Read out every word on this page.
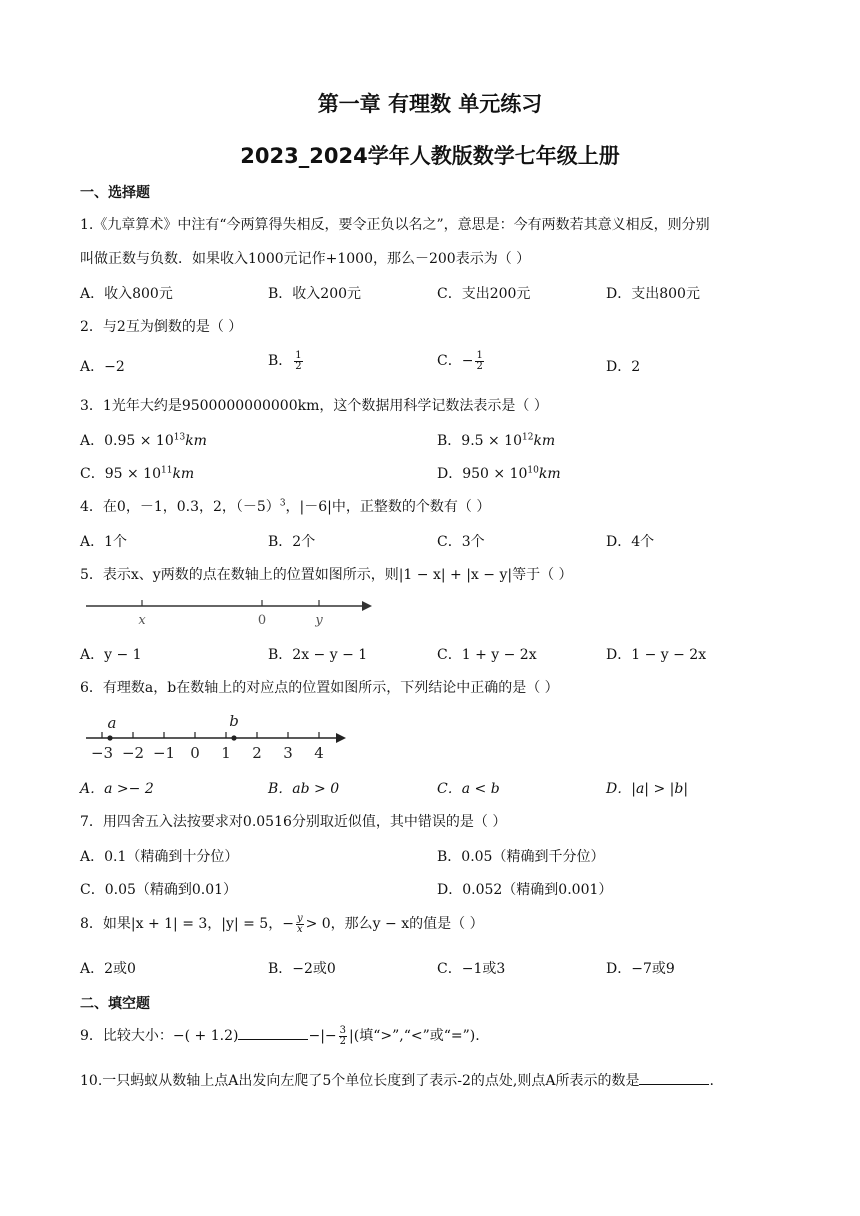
第一章 有理数 单元练习
2023_2024学年人教版数学七年级上册
一、选择题
1.《九章算术》中注有“今两算得失相反，要令正负以名之”，意思是：今有两数若其意义相反，则分别
叫做正数与负数．如果收入1000元记作+1000，那么－200表示为（ ）
A．收入800元	B．收入200元	C．支出200元	D．支出800元
2．与2互为倒数的是（ ）
A．−2	B． $\frac{1}{2}$	C．− $\frac{1}{2}$	D．2
3．1光年大约是9500000000000km，这个数据用科学记数法表示是（ ）
A．$0.95 \times 10^{13}km$	B．$9.5 \times 10^{12}km$
C．$95 \times 10^{11}km$	D．$950 \times 10^{10}km$
4．在0，－1，0.3，2，$(-5)^3$，|－6|中，正整数的个数有（ ）
A．1个	B．2个	C．3个	D．4个
5．表示x、y两数的点在数轴上的位置如图所示，则|1 − x| + |x − y|等于（ ）
x	0	y
A．y − 1	B．2x − y − 1	C．1 + y − 2x	D．1 − y − 2x
6．有理数a，b在数轴上的对应点的位置如图所示，下列结论中正确的是（ ）
−3 −2 −1 0 1 2 3 4
a	b
A．a >− 2	B．ab > 0	C．a < b	D．|a| > |b|
7．用四舍五入法按要求对0.0516分别取近似值，其中错误的是（ ）
A．0.1（精确到十分位）	B．0.05（精确到千分位）
C．0.05（精确到0.01）	D．0.052（精确到0.001）
8．如果|x + 1| = 3，|y| = 5，− $\frac{y}{x} > 0$，那么y − x的值是（ ）
A．2或0	B．−2或0	C．−1或3	D．−7或9
二、填空题
9．比较大小：−( + 1.2)	−|− $\frac{3}{2}$ |(填“>”,“<”或“=”).
10.一只蚂蚁从数轴上点A出发向左爬了5个单位长度到了表示-2的点处,则点A所表示的数是	.
